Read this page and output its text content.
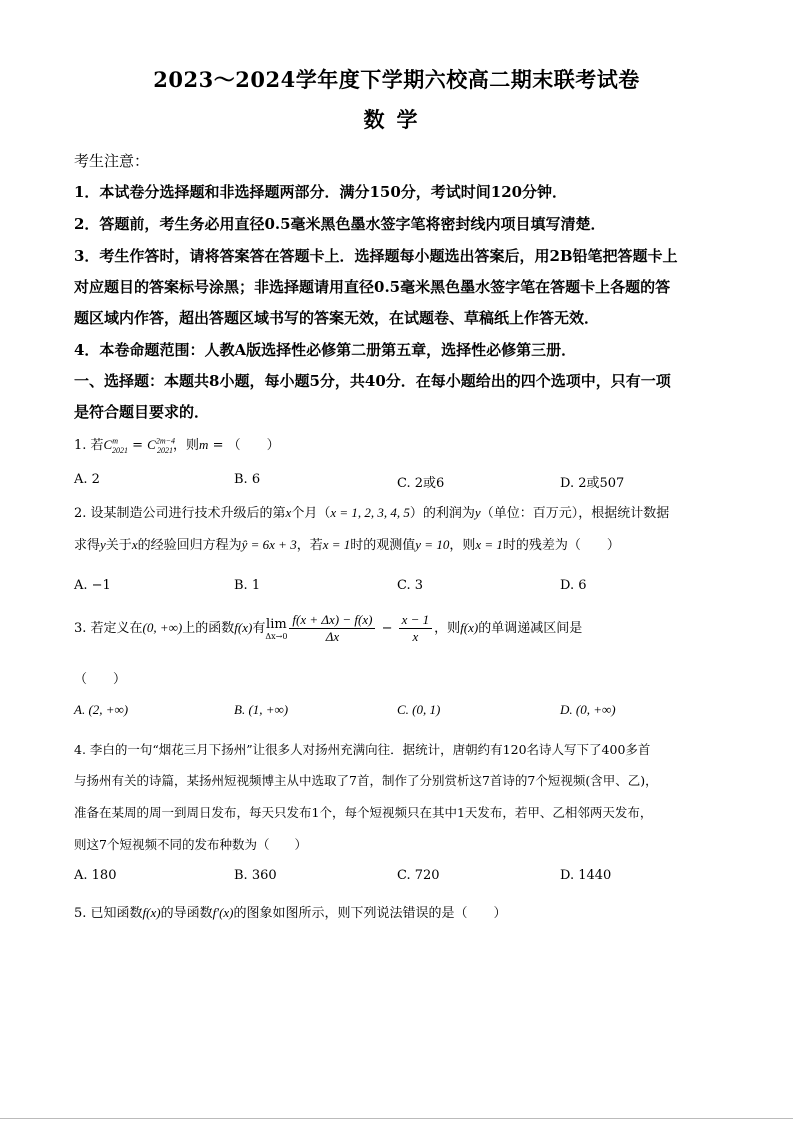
2023～2024学年度下学期六校高二期末联考试卷
数学
考生注意：
1．本试卷分选择题和非选择题两部分．满分150分，考试时间120分钟．
2．答题前，考生务必用直径0.5毫米黑色墨水签字笔将密封线内项目填写清楚．
3．考生作答时，请将答案答在答题卡上．选择题每小题选出答案后，用2B铅笔把答题卡上
对应题目的答案标号涂黑；非选择题请用直径0.5毫米黑色墨水签字笔在答题卡上各题的答
题区域内作答，超出答题区域书写的答案无效，在试题卷、草稿纸上作答无效．
4．本卷命题范围：人教A版选择性必修第二册第五章，选择性必修第三册．
一、选择题：本题共8小题，每小题5分，共40分．在每小题给出的四个选项中，只有一项
是符合题目要求的．
1. 若$C^m_{2021} = C^{2m-4}_{2021}$，则m = （　　）
A. 2	B. 6	C. 2或6	D. 2或507
2. 设某制造公司进行技术升级后的第x个月（x = 1, 2, 3, 4, 5）的利润为y（单位：百万元），根据统计数据
求得y关于x的经验回归方程为ŷ = 6x + 3，若x = 1时的观测值y = 10，则x = 1时的残差为（　　）
A. −1	B. 1	C. 3	D. 6
3. 若定义在(0, +∞)上的函数f(x)有lim
$\Delta x\to 0 \frac{f(x + \Delta x) - f(x)}{\Delta x} - \frac{x - 1}{x}$ ，则f(x)的单调递减区间是
（　　）
A. (2, +∞)	B. (1, +∞)	C. (0, 1)	D. (0, +∞)
4. 李白的一句“烟花三月下扬州”让很多人对扬州充满向往．据统计，唐朝约有120名诗人写下了400多首
与扬州有关的诗篇，某扬州短视频博主从中选取了7首，制作了分别赏析这7首诗的7个短视频(含甲、乙)，
准备在某周的周一到周日发布，每天只发布1个，每个短视频只在其中1天发布，若甲、乙相邻两天发布，
则这7个短视频不同的发布种数为（　　）
A. 180	B. 360	C. 720	D. 1440
5. 已知函数f(x)的导函数f′(x)的图象如图所示，则下列说法错误的是（　　）
